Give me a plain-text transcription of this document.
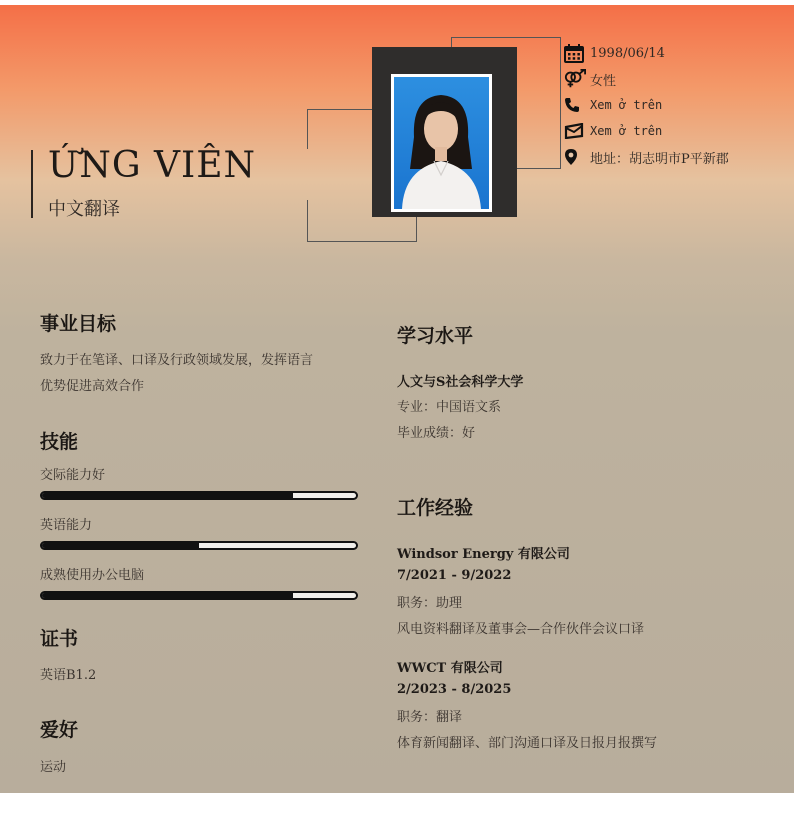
ỨNG VIÊN
中文翻译
1998/06/14
女性
Xem ở trên
Xem ở trên
地址：胡志明市P平新郡
事业目标
致力于在笔译、口译及行政领域发展，发挥语言
优势促进高效合作
技能
交际能力好
英语能力
成熟使用办公电脑
证书
英语B1.2
爱好
运动
学习水平
人文与S社会科学大学
专业：中国语文系
毕业成绩：好
工作经验
Windsor Energy 有限公司
7/2021 - 9/2022
职务：助理
风电资料翻译及董事会—合作伙伴会议口译
WWCT 有限公司
2/2023 - 8/2025
职务：翻译
体育新闻翻译、部门沟通口译及日报月报撰写
